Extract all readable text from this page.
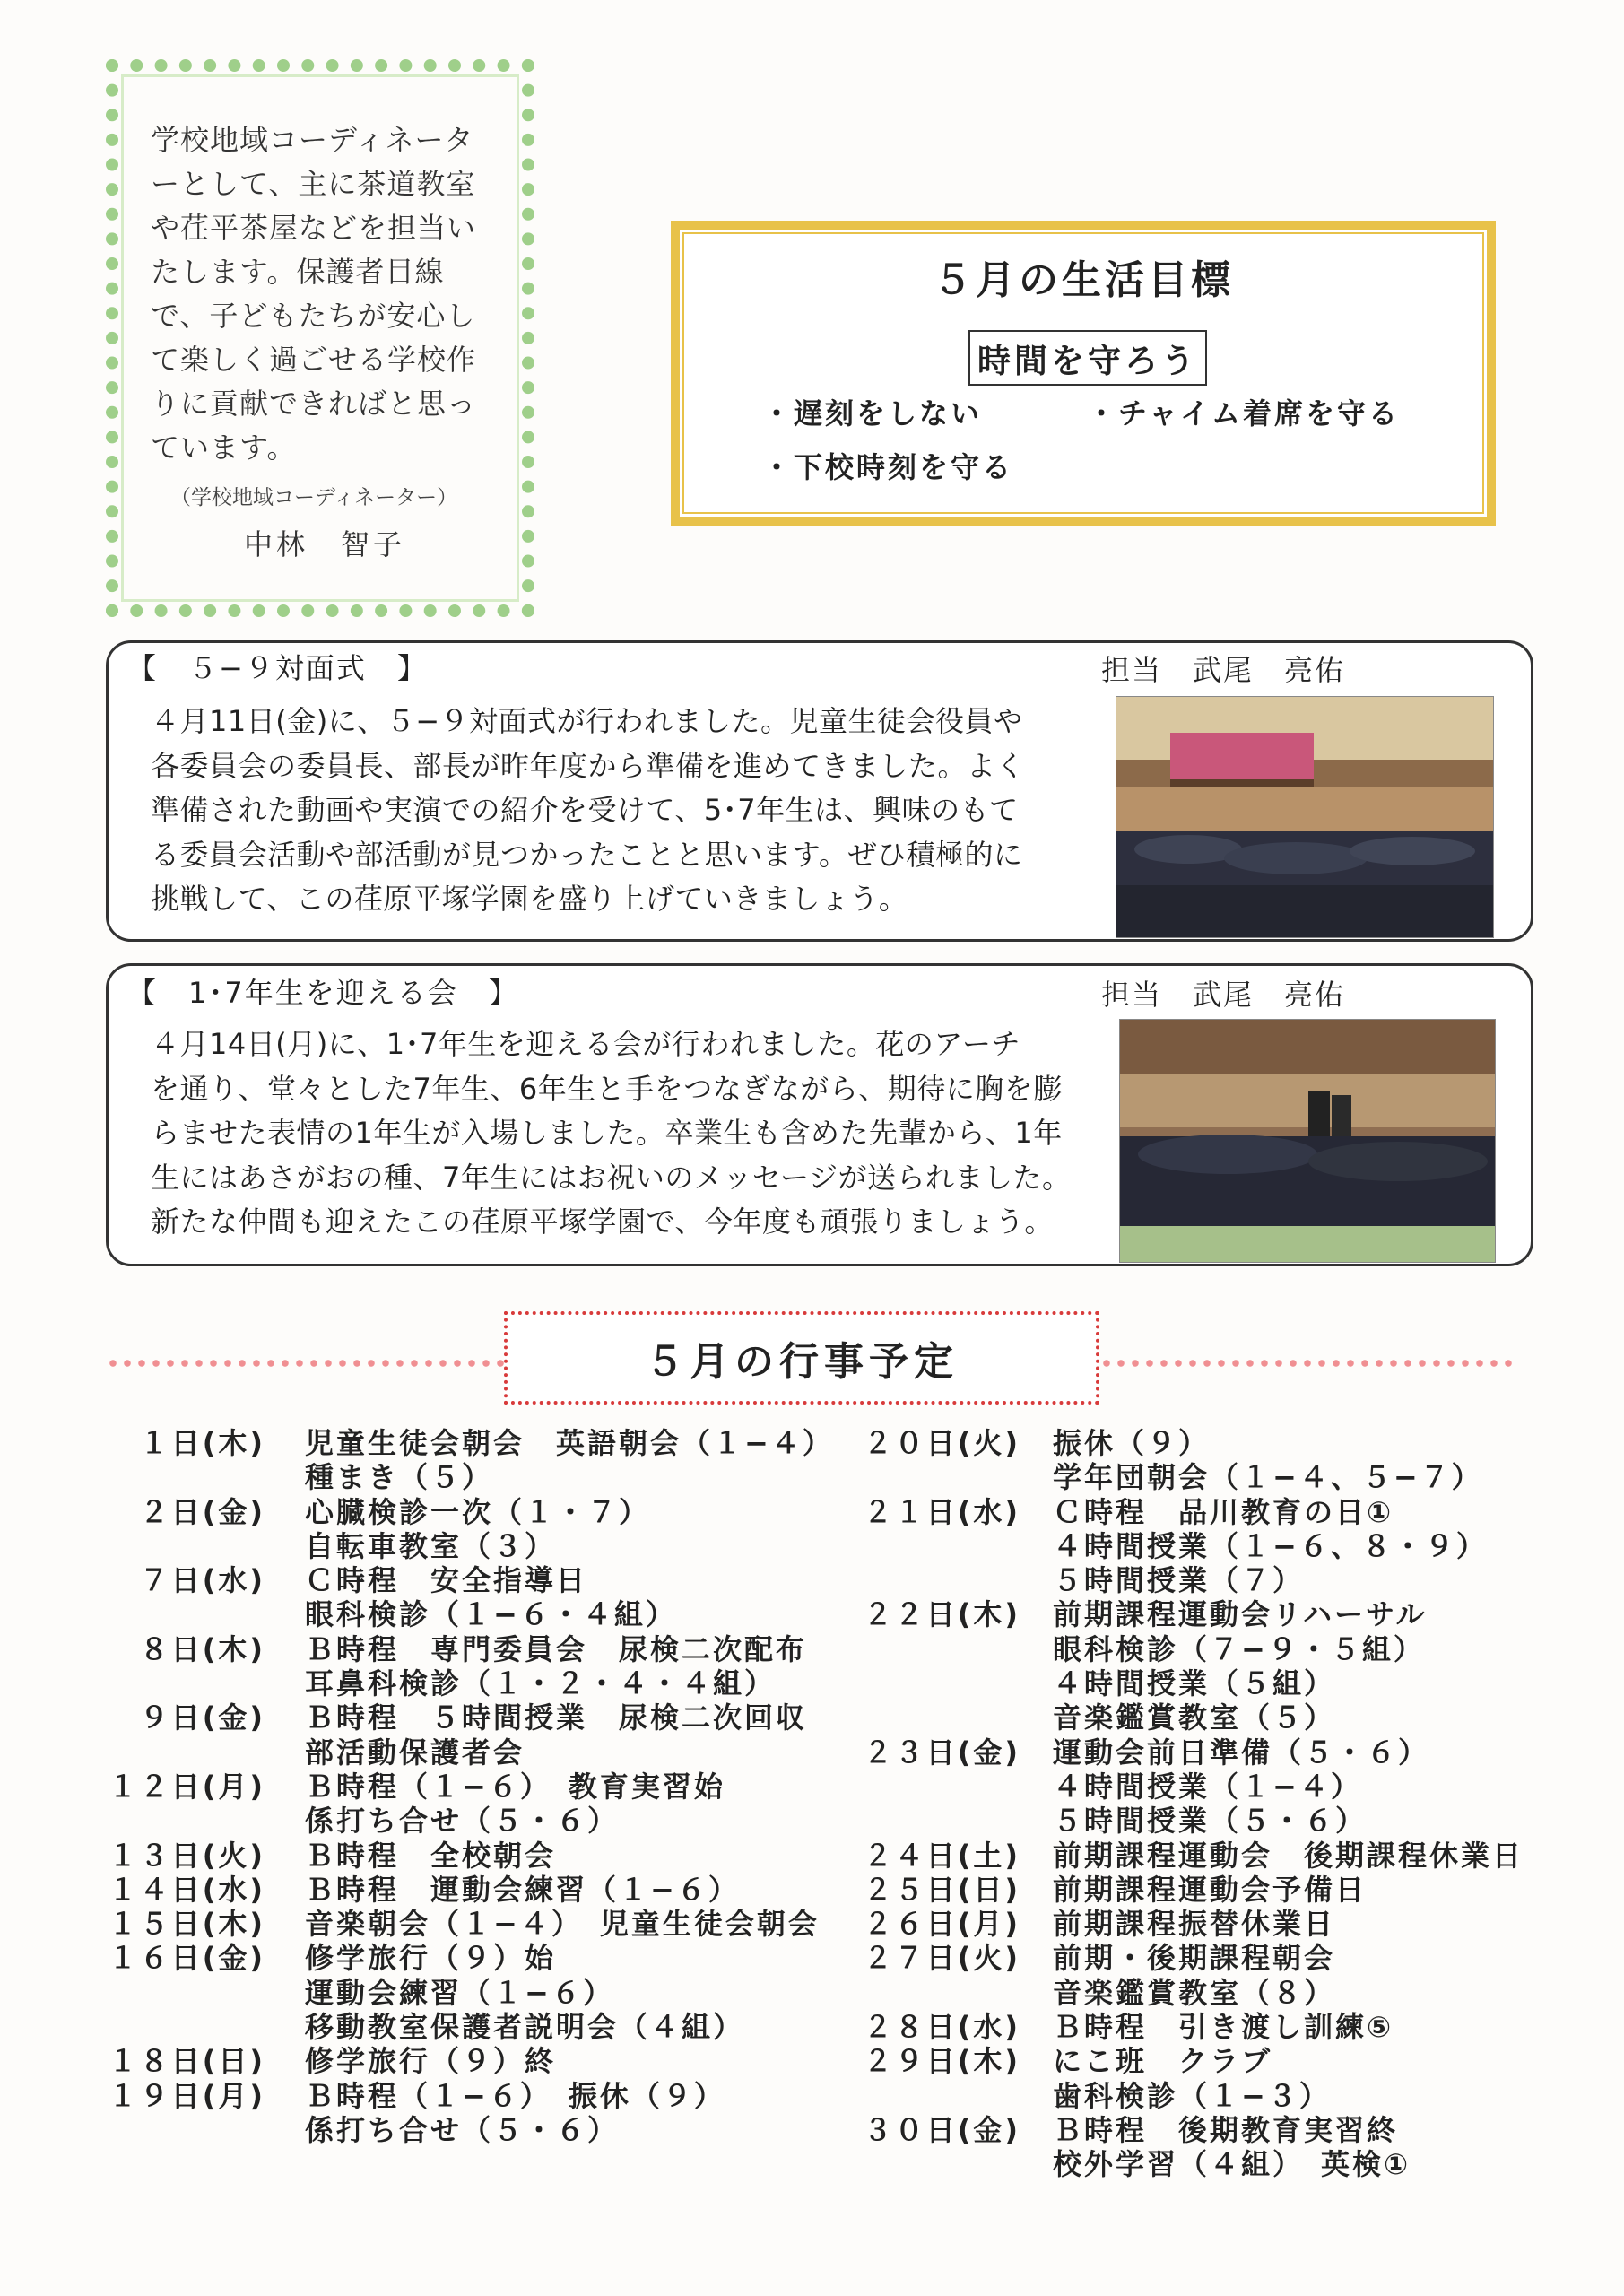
学校地域コーディネータ
ーとして、主に茶道教室
や荏平茶屋などを担当い
たします。保護者目線
で、子どもたちが安心し
て楽しく過ごせる学校作
りに貢献できればと思っ
ています。
（学校地域コーディネーター）
中林　智子
５月の生活目標
時間を守ろう
・遅刻をしない	・チャイム着席を守る
・下校時刻を守る
【　５−９対面式　】	担当　武尾　亮佑
４月11日(金)に、５−９対面式が行われました。児童生徒会役員や
各委員会の委員長、部長が昨年度から準備を進めてきました。よく
準備された動画や実演での紹介を受けて、5･7年生は、興味のもて
る委員会活動や部活動が見つかったことと思います。ぜひ積極的に
挑戦して、この荏原平塚学園を盛り上げていきましょう。
【　1･7年生を迎える会　】	担当　武尾　亮佑
４月14日(月)に、1･7年生を迎える会が行われました。花のアーチ
を通り、堂々とした7年生、6年生と手をつなぎながら、期待に胸を膨
らませた表情の1年生が入場しました。卒業生も含めた先輩から、1年
生にはあさがおの種、7年生にはお祝いのメッセージが送られました。
新たな仲間も迎えたこの荏原平塚学園で、今年度も頑張りましょう。
５月の行事予定
１日(木) 児童生徒会朝会　英語朝会（１−４）
種まき（５）
２日(金) 心臓検診一次（１・７）
自転車教室（３）
７日(水) Ｃ時程　安全指導日
眼科検診（１−６・４組）
８日(木) Ｂ時程　専門委員会　尿検二次配布
耳鼻科検診（１・２・４・４組）
９日(金) Ｂ時程　５時間授業　尿検二次回収
部活動保護者会
１２日(月) Ｂ時程（１−６）　教育実習始
係打ち合せ（５・６）
１３日(火) Ｂ時程　全校朝会
１４日(水) Ｂ時程　運動会練習（１−６）
１５日(木) 音楽朝会（１−４）　児童生徒会朝会
１６日(金) 修学旅行（９）始
運動会練習（１−６）
移動教室保護者説明会（４組）
１８日(日) 修学旅行（９）終
１９日(月) Ｂ時程（１−６）　振休（９）
係打ち合せ（５・６）
２０日(火) 振休（９）
学年団朝会（１−４、５−７）
２１日(水) Ｃ時程　品川教育の日①
４時間授業（１−６、８・９）
５時間授業（７）
２２日(木) 前期課程運動会リハーサル
眼科検診（７−９・５組）
４時間授業（５組）
音楽鑑賞教室（５）
２３日(金) 運動会前日準備（５・６）
４時間授業（１−４）
５時間授業（５・６）
２４日(土) 前期課程運動会　後期課程休業日
２５日(日) 前期課程運動会予備日
２６日(月) 前期課程振替休業日
２７日(火) 前期・後期課程朝会
音楽鑑賞教室（８）
２８日(水) Ｂ時程　引き渡し訓練⑤
２９日(木) にこ班　クラブ
歯科検診（１−３）
３０日(金) Ｂ時程　後期教育実習終
校外学習（４組）　英検①
